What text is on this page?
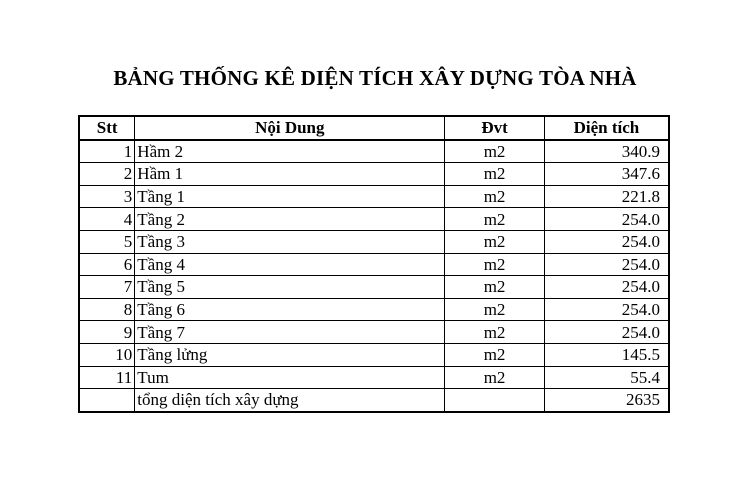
BẢNG THỐNG KÊ DIỆN TÍCH XÂY DỰNG TÒA NHÀ
Stt	Nội Dung	Đvt	Diện tích
1	Hầm 2	m2	340.9
2	Hầm 1	m2	347.6
3	Tầng 1	m2	221.8
4	Tầng 2	m2	254.0
5	Tầng 3	m2	254.0
6	Tầng 4	m2	254.0
7	Tầng 5	m2	254.0
8	Tầng 6	m2	254.0
9	Tầng 7	m2	254.0
10	Tầng lửng	m2	145.5
11	Tum	m2	55.4
	tổng diện tích xây dựng		2635
